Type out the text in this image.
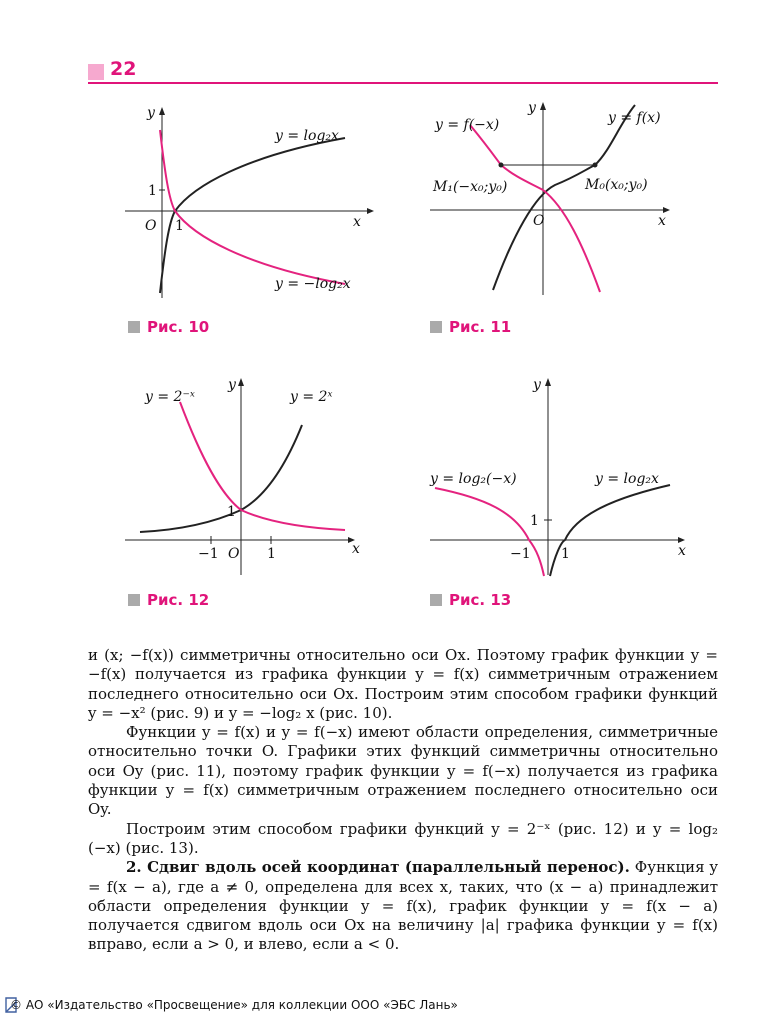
22
y
x
O
1
1
y = log₂x
y = −log₂x
Рис. 10
y
x
O
y = f(−x)	y = f(x)
M₁(−x₀;y₀)	M₀(x₀;y₀)
Рис. 11
y
x
O
1
−1	1
y = 2⁻ˣ	y = 2ˣ
Рис. 12
y
x
1
−1 1
y = log₂(−x)	y = log₂x
Рис. 13

и (x; −f(x)) симметричны относительно оси Ox. Поэтому график функции y = −f(x) получается из графика функции y = f(x) симметричным отражением последнего относительно оси Ox. Построим этим способом графики функций y = −x² (рис. 9) и y = −log₂ x (рис. 10).

Функции y = f(x) и y = f(−x) имеют области определения, симметричные относительно точки O. Графики этих функций симметричны относительно оси Oy (рис. 11), поэтому график функции y = f(−x) получается из графика функции y = f(x) симметричным отражением последнего относительно оси Oy.

Построим этим способом графики функций y = 2⁻ˣ (рис. 12) и y = log₂ (−x) (рис. 13).

2. Сдвиг вдоль осей координат (параллельный перенос). Функция y = f(x − a), где a ≠ 0, определена для всех x, таких, что (x − a) принадлежит области определения функции y = f(x), график функции y = f(x − a) получается сдвигом вдоль оси Ox на величину |a| графика функции y = f(x) вправо, если a > 0, и влево, если a < 0.

© АО «Издательство «Просвещение» для коллекции ООО «ЭБС Лань»
